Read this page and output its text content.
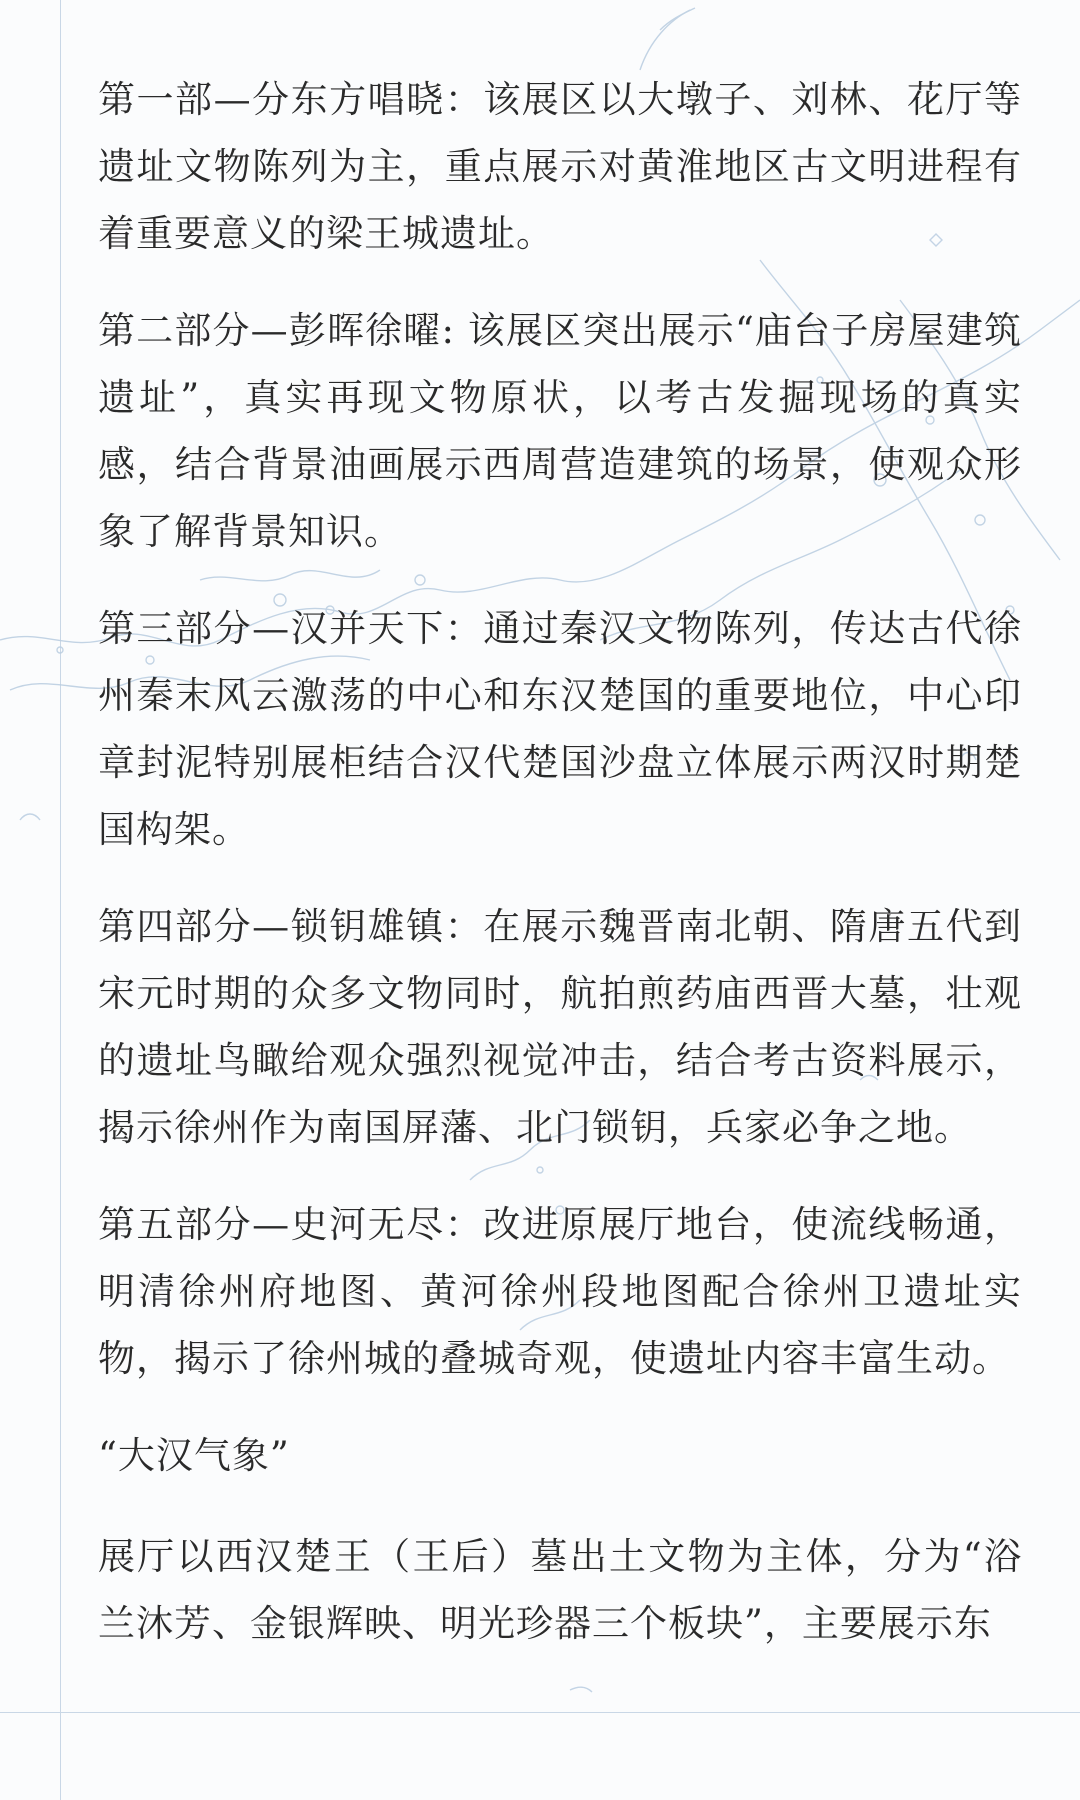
第一部—分东方唱晓：该展区以大墩子、刘林、花厅等遗址文物陈列为主，重点展示对黄淮地区古文明进程有着重要意义的梁王城遗址。

第二部分—彭晖徐曜: 该展区突出展示“庙台子房屋建筑遗址”，真实再现文物原状，以考古发掘现场的真实感，结合背景油画展示西周营造建筑的场景，使观众形象了解背景知识。

第三部分—汉并天下：通过秦汉文物陈列，传达古代徐州秦末风云激荡的中心和东汉楚国的重要地位，中心印章封泥特别展柜结合汉代楚国沙盘立体展示两汉时期楚国构架。

第四部分—锁钥雄镇：在展示魏晋南北朝、隋唐五代到宋元时期的众多文物同时，航拍煎药庙西晋大墓，壮观的遗址鸟瞰给观众强烈视觉冲击，结合考古资料展示，揭示徐州作为南国屏藩、北门锁钥，兵家必争之地。

第五部分—史河无尽：改进原展厅地台，使流线畅通，明清徐州府地图、黄河徐州段地图配合徐州卫遗址实物，揭示了徐州城的叠城奇观，使遗址内容丰富生动。

“大汉气象”

展厅以西汉楚王（王后）墓出土文物为主体，分为“浴兰沐芳、金银辉映、明光珍器三个板块”，主要展示东
